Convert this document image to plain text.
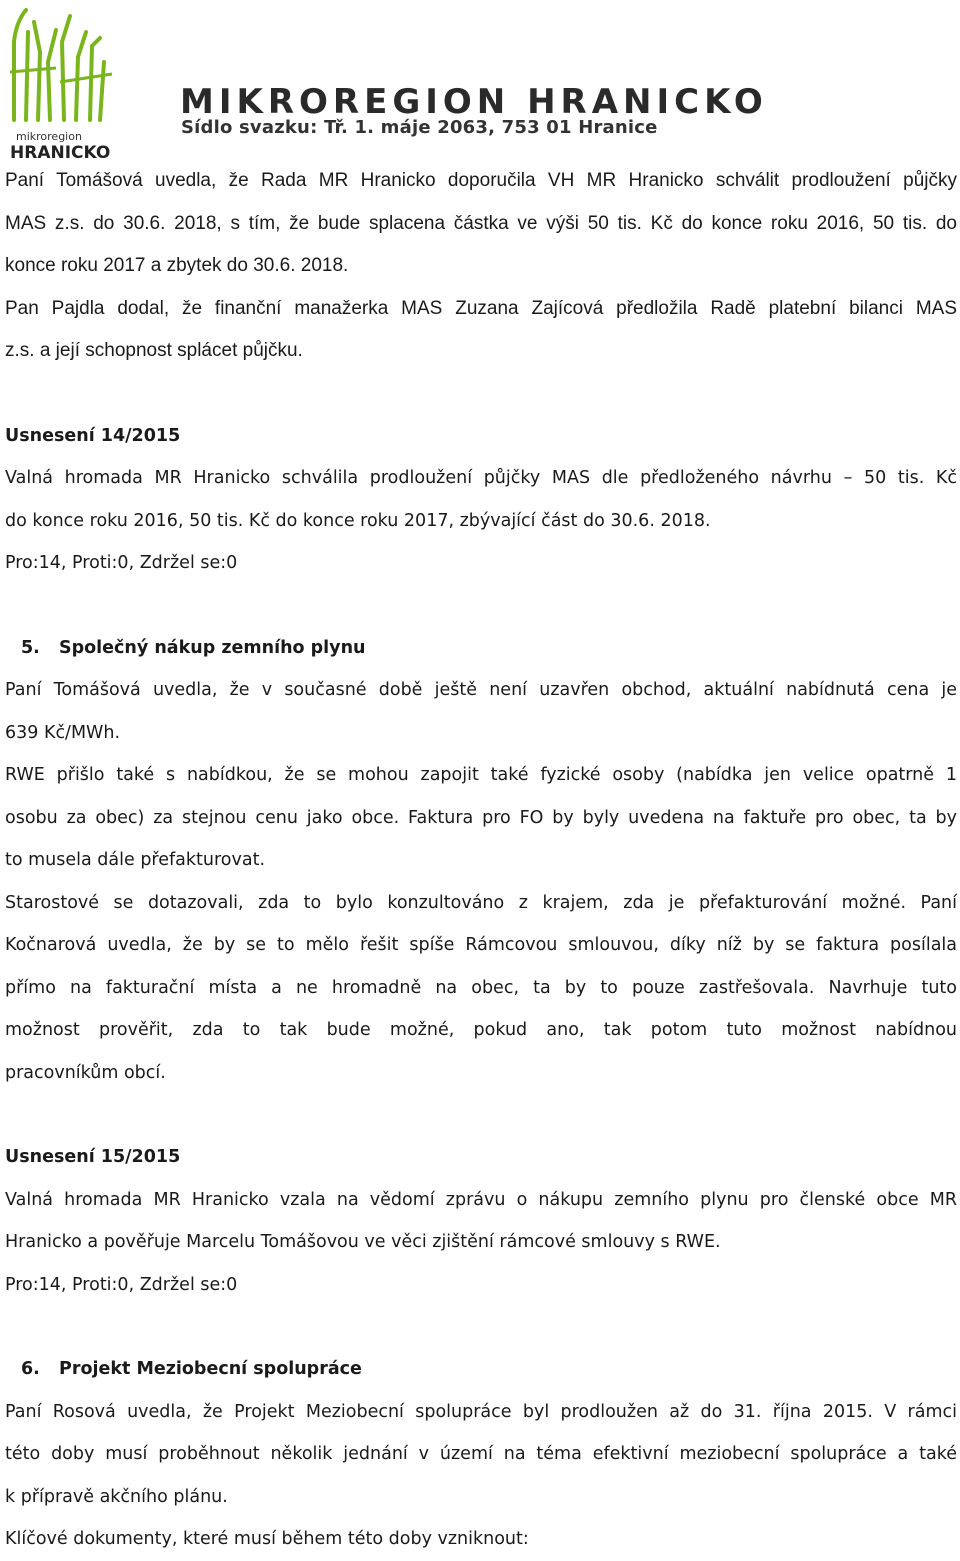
mikroregion
HRANICKO
MIKROREGION HRANICKO
Sídlo svazku: Tř. 1. máje 2063, 753 01 Hranice
Paní Tomášová uvedla, že Rada MR Hranicko doporučila VH MR Hranicko schválit prodloužení půjčky
MAS z.s. do 30.6. 2018, s tím, že bude splacena částka ve výši 50 tis. Kč do konce roku 2016, 50 tis. do
konce roku 2017 a zbytek do 30.6. 2018.
Pan Pajdla dodal, že finanční manažerka MAS Zuzana Zajícová předložila Radě platební bilanci MAS
z.s. a její schopnost splácet půjčku.
Usnesení 14/2015
Valná hromada MR Hranicko schválila prodloužení půjčky MAS dle předloženého návrhu – 50 tis. Kč
do konce roku 2016, 50 tis. Kč do konce roku 2017, zbývající část do 30.6. 2018.
Pro:14, Proti:0, Zdržel se:0
5. Společný nákup zemního plynu
Paní Tomášová uvedla, že v současné době ještě není uzavřen obchod, aktuální nabídnutá cena je
639 Kč/MWh.
RWE přišlo také s nabídkou, že se mohou zapojit také fyzické osoby (nabídka jen velice opatrně 1
osobu za obec) za stejnou cenu jako obce. Faktura pro FO by byly uvedena na faktuře pro obec, ta by
to musela dále přefakturovat.
Starostové se dotazovali, zda to bylo konzultováno z krajem, zda je přefakturování možné. Paní
Kočnarová uvedla, že by se to mělo řešit spíše Rámcovou smlouvou, díky níž by se faktura posílala
přímo na fakturační místa a ne hromadně na obec, ta by to pouze zastřešovala. Navrhuje tuto
možnost prověřit, zda to tak bude možné, pokud ano, tak potom tuto možnost nabídnou
pracovníkům obcí.
Usnesení 15/2015
Valná hromada MR Hranicko vzala na vědomí zprávu o nákupu zemního plynu pro členské obce MR
Hranicko a pověřuje Marcelu Tomášovou ve věci zjištění rámcové smlouvy s RWE.
Pro:14, Proti:0, Zdržel se:0
6. Projekt Meziobecní spolupráce
Paní Rosová uvedla, že Projekt Meziobecní spolupráce byl prodloužen až do 31. října 2015. V rámci
této doby musí proběhnout několik jednání v území na téma efektivní meziobecní spolupráce a také
k přípravě akčního plánu.
Klíčové dokumenty, které musí během této doby vzniknout:
